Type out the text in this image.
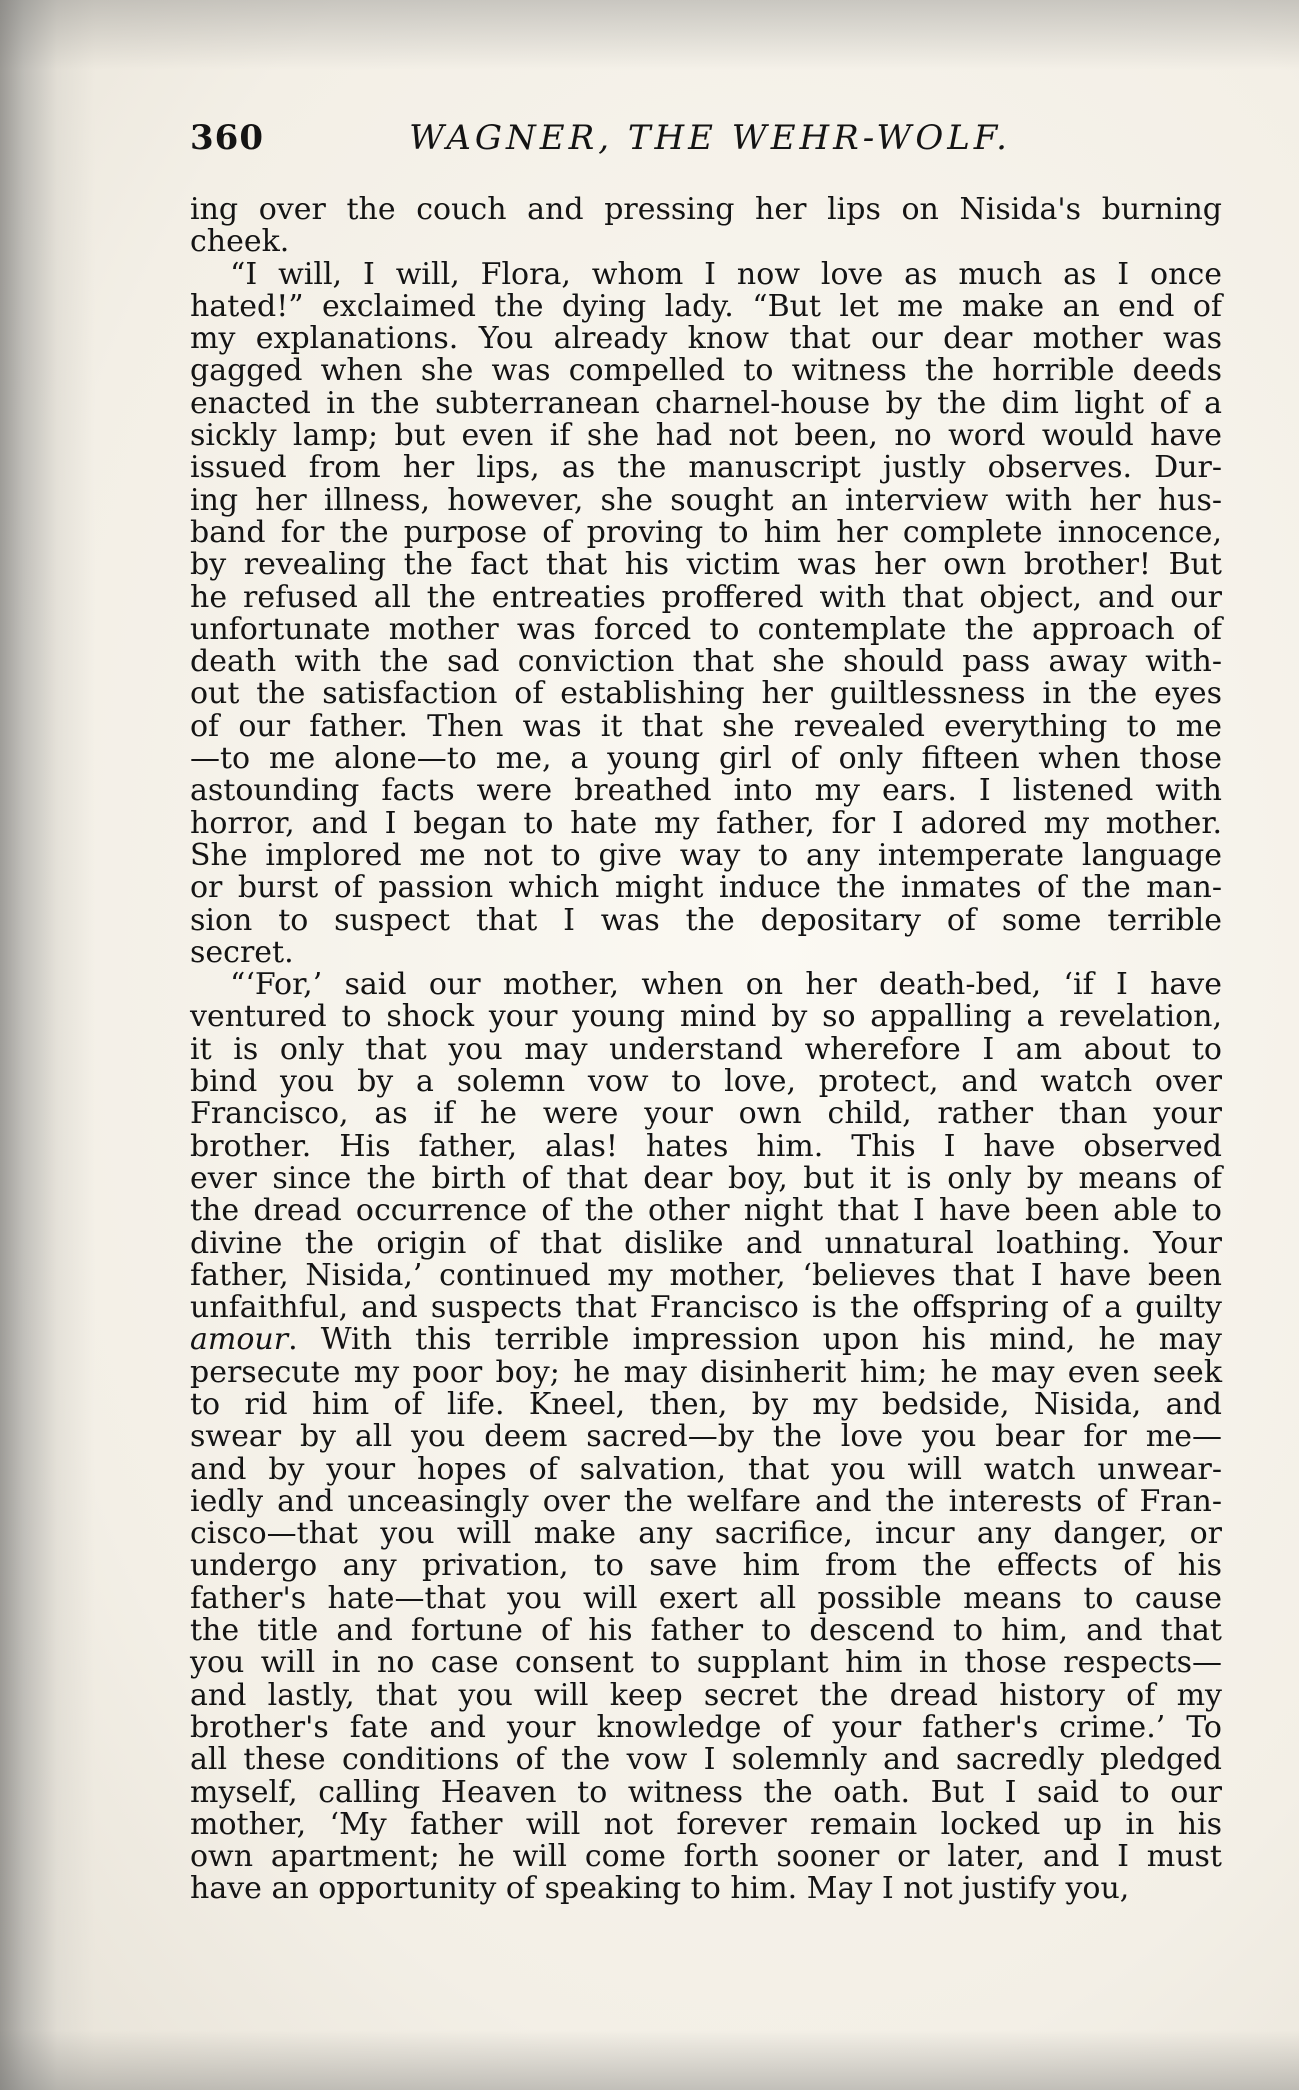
360	WAGNER, THE WEHR-WOLF.
ing over the couch and pressing her lips on Nisida's burning
cheek.
“I will, I will, Flora, whom I now love as much as I once
hated!” exclaimed the dying lady. “But let me make an end of
my explanations. You already know that our dear mother was
gagged when she was compelled to witness the horrible deeds
enacted in the subterranean charnel-house by the dim light of a
sickly lamp; but even if she had not been, no word would have
issued from her lips, as the manuscript justly observes. Dur-
ing her illness, however, she sought an interview with her hus-
band for the purpose of proving to him her complete innocence,
by revealing the fact that his victim was her own brother! But
he refused all the entreaties proffered with that object, and our
unfortunate mother was forced to contemplate the approach of
death with the sad conviction that she should pass away with-
out the satisfaction of establishing her guiltlessness in the eyes
of our father. Then was it that she revealed everything to me
—to me alone—to me, a young girl of only fifteen when those
astounding facts were breathed into my ears. I listened with
horror, and I began to hate my father, for I adored my mother.
She implored me not to give way to any intemperate language
or burst of passion which might induce the inmates of the man-
sion to suspect that I was the depositary of some terrible
secret.
“‘For,’ said our mother, when on her death-bed, ‘if I have
ventured to shock your young mind by so appalling a revelation,
it is only that you may understand wherefore I am about to
bind you by a solemn vow to love, protect, and watch over
Francisco, as if he were your own child, rather than your
brother. His father, alas! hates him. This I have observed
ever since the birth of that dear boy, but it is only by means of
the dread occurrence of the other night that I have been able to
divine the origin of that dislike and unnatural loathing. Your
father, Nisida,’ continued my mother, ‘believes that I have been
unfaithful, and suspects that Francisco is the offspring of a guilty
amour. With this terrible impression upon his mind, he may
persecute my poor boy; he may disinherit him; he may even seek
to rid him of life. Kneel, then, by my bedside, Nisida, and
swear by all you deem sacred—by the love you bear for me—
and by your hopes of salvation, that you will watch unwear-
iedly and unceasingly over the welfare and the interests of Fran-
cisco—that you will make any sacrifice, incur any danger, or
undergo any privation, to save him from the effects of his
father's hate—that you will exert all possible means to cause
the title and fortune of his father to descend to him, and that
you will in no case consent to supplant him in those respects—
and lastly, that you will keep secret the dread history of my
brother's fate and your knowledge of your father's crime.’ To
all these conditions of the vow I solemnly and sacredly pledged
myself, calling Heaven to witness the oath. But I said to our
mother, ‘My father will not forever remain locked up in his
own apartment; he will come forth sooner or later, and I must
have an opportunity of speaking to him. May I not justify you,
